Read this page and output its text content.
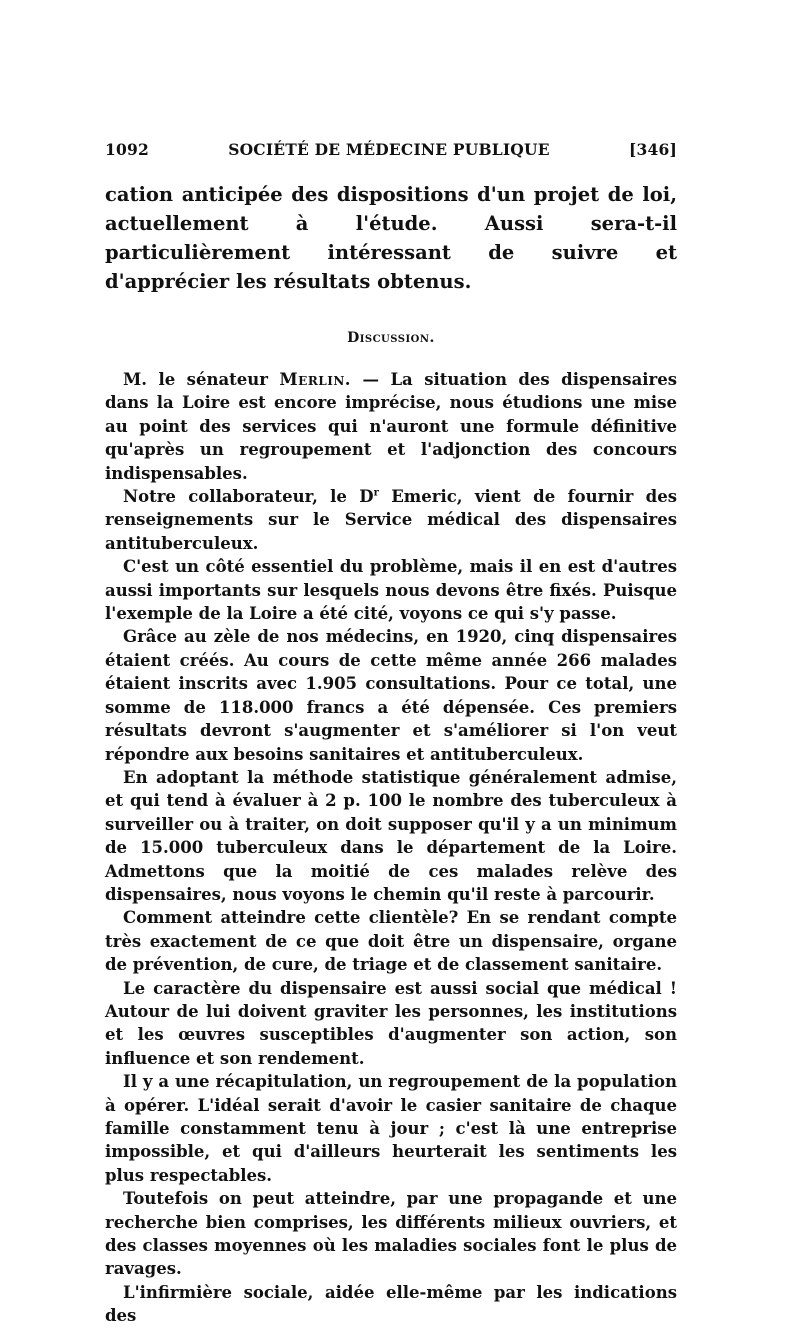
1092	SOCIÉTÉ DE MÉDECINE PUBLIQUE	[346]

cation anticipée des dispositions d'un projet de loi, actuellement à l'étude. Aussi sera-t-il particulièrement intéressant de suivre et d'apprécier les résultats obtenus.

Discussion.

M. le sénateur Merlin. — La situation des dispensaires dans la Loire est encore imprécise, nous étudions une mise au point des services qui n'auront une formule définitive qu'après un regroupement et l'adjonction des concours indispensables.

Notre collaborateur, le $D^r$ Emeric, vient de fournir des renseignements sur le Service médical des dispensaires antituberculeux.

C'est un côté essentiel du problème, mais il en est d'autres aussi importants sur lesquels nous devons être fixés. Puisque l'exemple de la Loire a été cité, voyons ce qui s'y passe.

Grâce au zèle de nos médecins, en 1920, cinq dispensaires étaient créés. Au cours de cette même année 266 malades étaient inscrits avec 1.905 consultations. Pour ce total, une somme de 118.000 francs a été dépensée. Ces premiers résultats devront s'augmenter et s'améliorer si l'on veut répondre aux besoins sanitaires et antituberculeux.

En adoptant la méthode statistique généralement admise, et qui tend à évaluer à 2 p. 100 le nombre des tuberculeux à surveiller ou à traiter, on doit supposer qu'il y a un minimum de 15.000 tuberculeux dans le département de la Loire. Admettons que la moitié de ces malades relève des dispensaires, nous voyons le chemin qu'il reste à parcourir.

Comment atteindre cette clientèle? En se rendant compte très exactement de ce que doit être un dispensaire, organe de prévention, de cure, de triage et de classement sanitaire.

Le caractère du dispensaire est aussi social que médical ! Autour de lui doivent graviter les personnes, les institutions et les œuvres susceptibles d'augmenter son action, son influence et son rendement.

Il y a une récapitulation, un regroupement de la population à opérer. L'idéal serait d'avoir le casier sanitaire de chaque famille constamment tenu à jour ; c'est là une entreprise impossible, et qui d'ailleurs heurterait les sentiments les plus respectables.

Toutefois on peut atteindre, par une propagande et une recherche bien comprises, les différents milieux ouvriers, et des classes moyennes où les maladies sociales font le plus de ravages.

L'infirmière sociale, aidée elle-même par les indications des
